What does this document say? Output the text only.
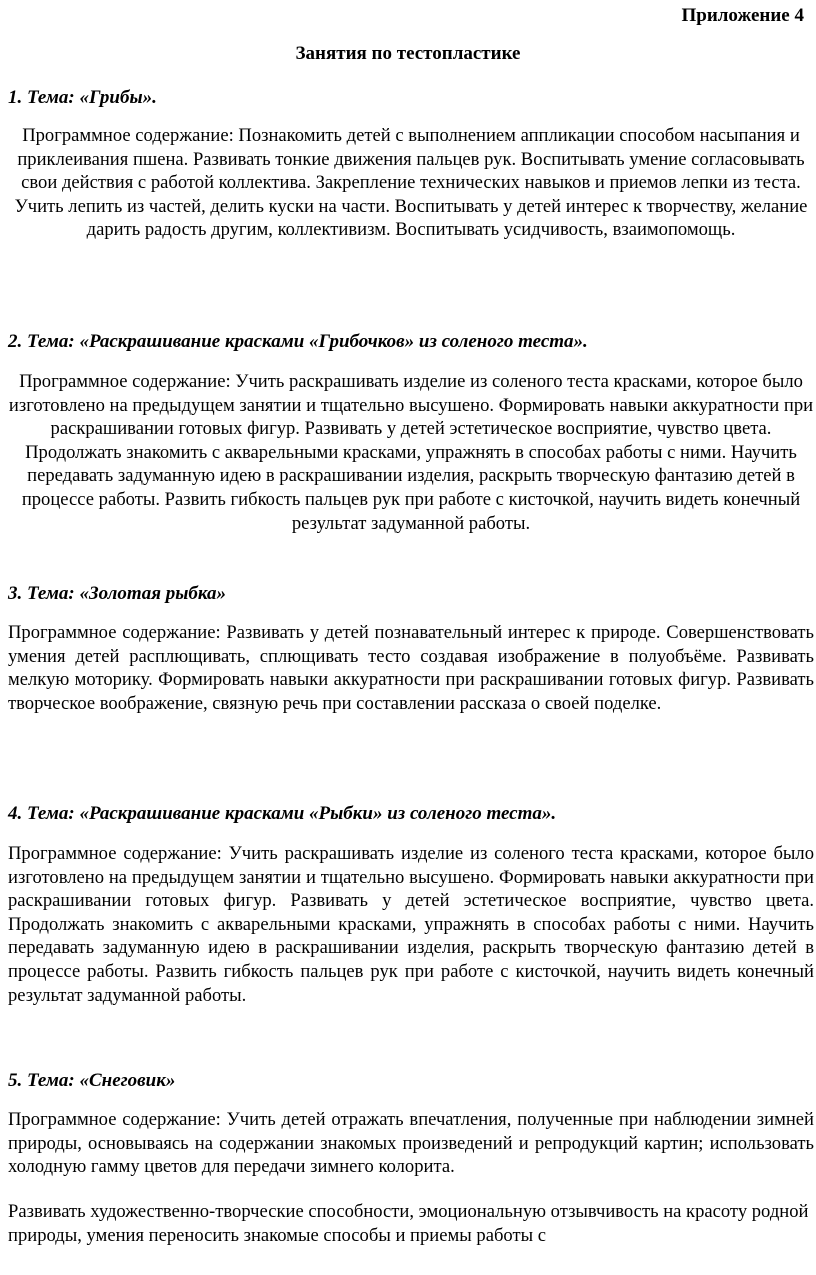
Приложение 4
Занятия по тестопластике
1. Тема: «Грибы».
Программное содержание: Познакомить детей с выполнением аппликации способом насыпания и приклеивания пшена. Развивать тонкие движения пальцев рук. Воспитывать умение согласовывать свои действия с работой коллектива. Закрепление технических навыков и приемов лепки из теста. Учить лепить из частей, делить куски на части. Воспитывать у детей интерес к творчеству, желание дарить радость другим, коллективизм. Воспитывать усидчивость, взаимопомощь.
2. Тема: «Раскрашивание красками «Грибочков» из соленого теста».
Программное содержание: Учить раскрашивать изделие из соленого теста красками, которое было изготовлено на предыдущем занятии и тщательно высушено. Формировать навыки аккуратности при раскрашивании готовых фигур. Развивать у детей эстетическое восприятие, чувство цвета. Продолжать знакомить с акварельными красками, упражнять в способах работы с ними. Научить передавать задуманную идею в раскрашивании изделия, раскрыть творческую фантазию детей в процессе работы. Развить гибкость пальцев рук при работе с кисточкой, научить видеть конечный результат задуманной работы.
3. Тема: «Золотая рыбка»
Программное содержание: Развивать у детей познавательный интерес к природе. Совершенствовать умения детей расплющивать, сплющивать тесто создавая изображение в полуобъёме. Развивать мелкую моторику. Формировать навыки аккуратности при раскрашивании готовых фигур. Развивать творческое воображение, связную речь при составлении рассказа о своей поделке.
4. Тема: «Раскрашивание красками «Рыбки» из соленого теста».
Программное содержание: Учить раскрашивать изделие из соленого теста красками, которое было изготовлено на предыдущем занятии и тщательно высушено. Формировать навыки аккуратности при раскрашивании готовых фигур. Развивать у детей эстетическое восприятие, чувство цвета. Продолжать знакомить с акварельными красками, упражнять в способах работы с ними. Научить передавать задуманную идею в раскрашивании изделия, раскрыть творческую фантазию детей в процессе работы. Развить гибкость пальцев рук при работе с кисточкой, научить видеть конечный результат задуманной работы.
5. Тема: «Снеговик»
Программное содержание: Учить детей отражать впечатления, полученные при наблюдении зимней природы, основываясь на содержании знакомых произведений и репродукций картин; использовать холодную гамму цветов для передачи зимнего колорита.
Развивать художественно-творческие способности, эмоциональную отзывчивость на красоту родной природы, умения переносить знакомые способы и приемы работы с
